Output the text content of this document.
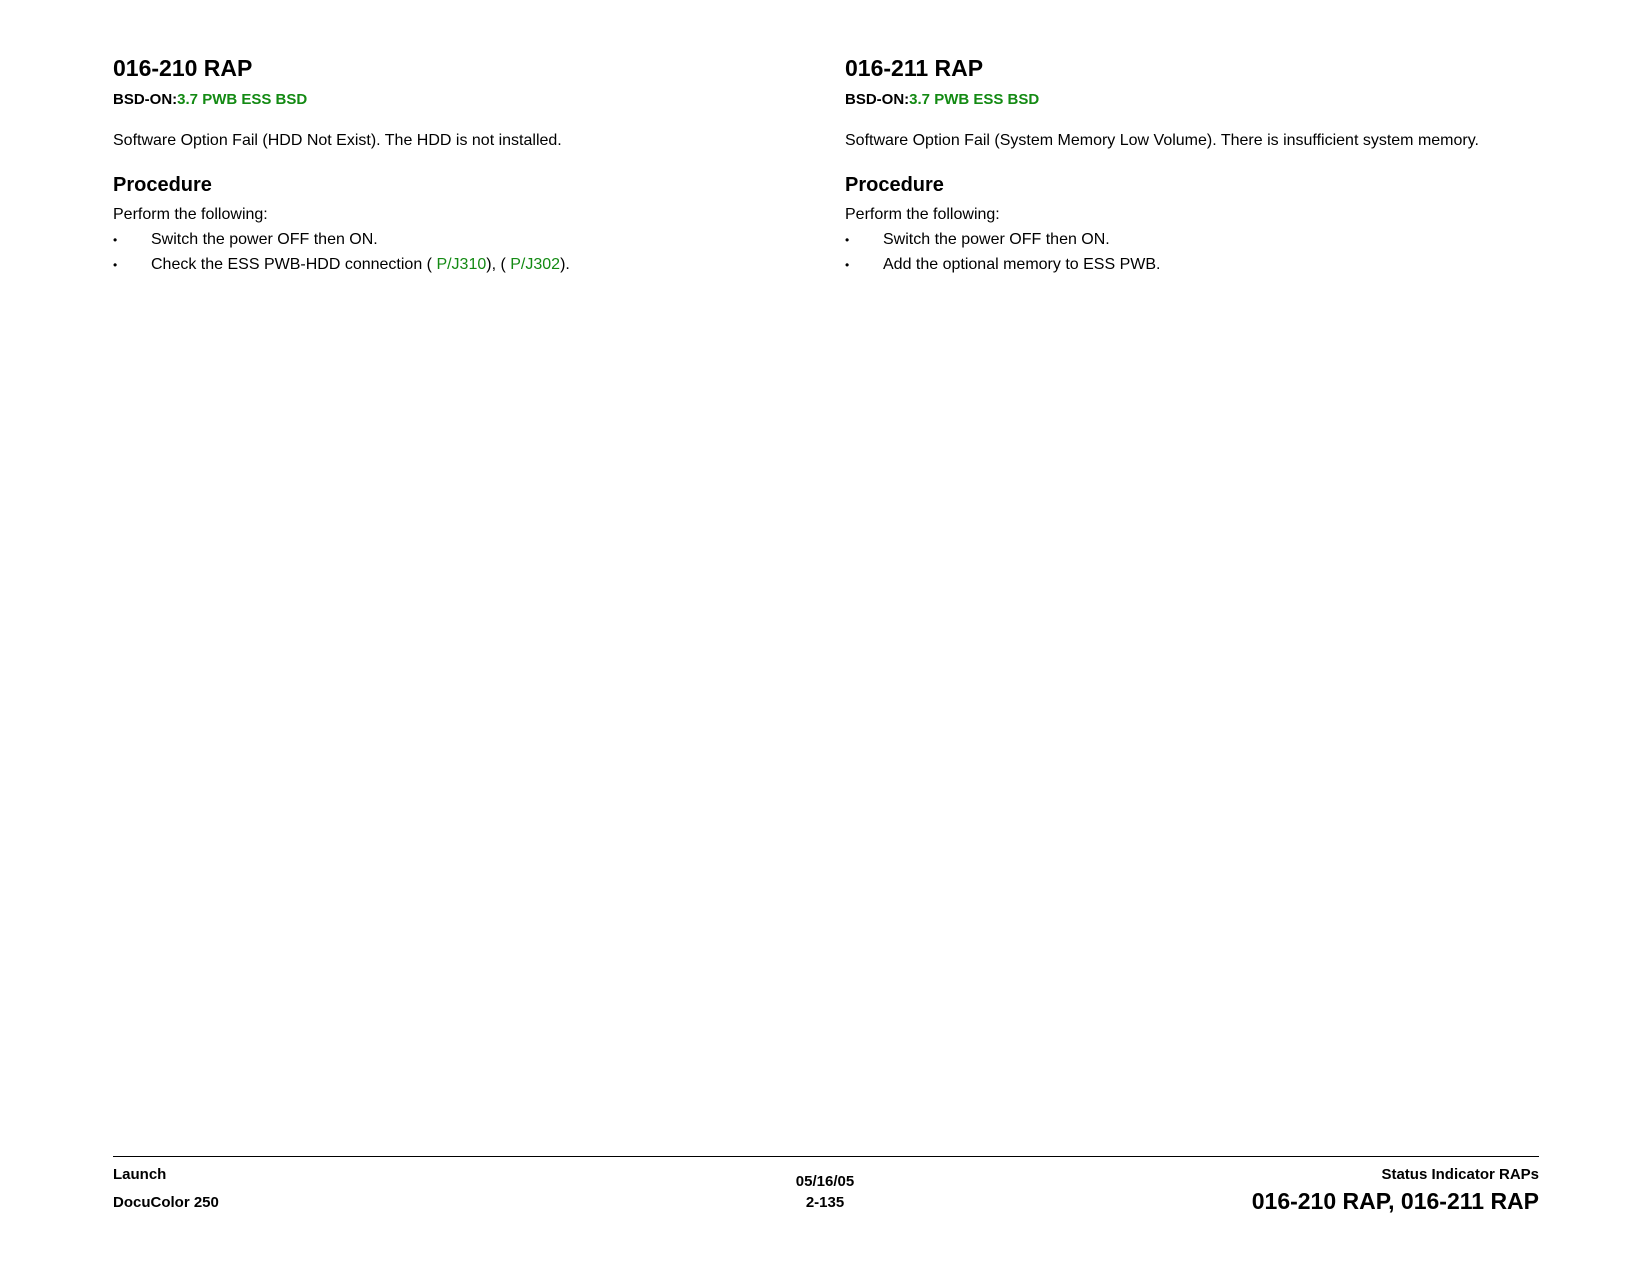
016-210 RAP

BSD-ON:3.7 PWB ESS BSD

Software Option Fail (HDD Not Exist). The HDD is not installed.

Procedure

Perform the following:

• Switch the power OFF then ON.
• Check the ESS PWB-HDD connection ( P/J310), ( P/J302).
016-211 RAP

BSD-ON:3.7 PWB ESS BSD

Software Option Fail (System Memory Low Volume). There is insufficient system memory.

Procedure

Perform the following:

• Switch the power OFF then ON.
• Add the optional memory to ESS PWB.
Launch
DocuColor 250
05/16/05
2-135
Status Indicator RAPs
016-210 RAP, 016-211 RAP
